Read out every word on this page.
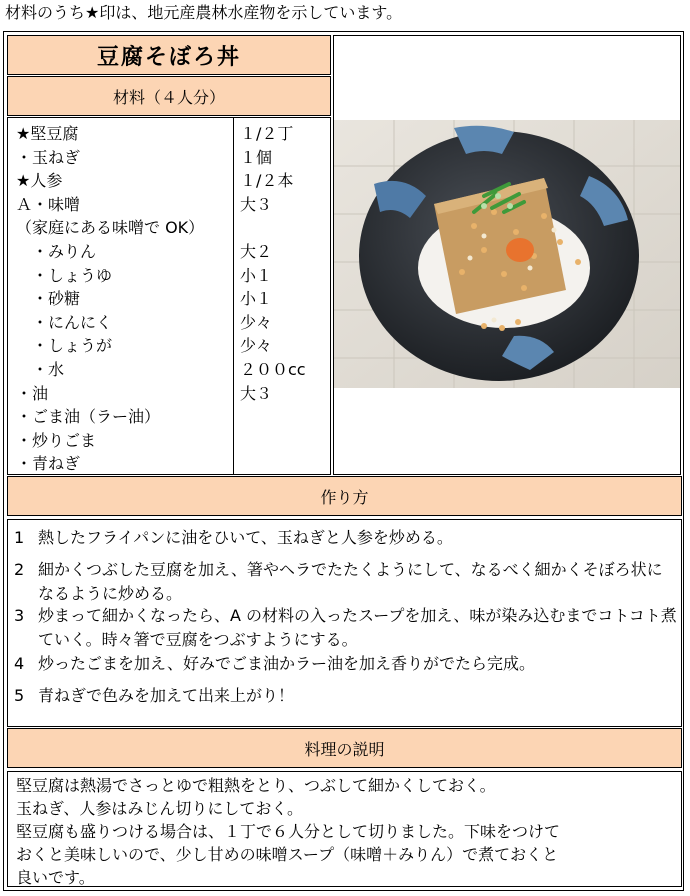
材料のうち★印は、地元産農林水産物を示しています。
豆腐そぼろ丼
材料（４人分）
★堅豆腐	１/２丁
・玉ねぎ	１個
★人参	１/２本
Ａ・味噌	大３
（家庭にある味噌で OK）
　・みりん	大２
　・しょうゆ	小１
　・砂糖	小１
　・にんにく	少々
　・しょうが	少々
　・水	２００cc
・油	大３
・ごま油（ラー油）
・炒りごま
・青ねぎ
作り方
1 熱したフライパンに油をひいて、玉ねぎと人参を炒める。
2 細かくつぶした豆腐を加え、箸やヘラでたたくようにして、なるべく細かくそぼろ状になるように炒める。
3 炒まって細かくなったら、A の材料の入ったスープを加え、味が染み込むまでコトコト煮ていく。時々箸で豆腐をつぶすようにする。
4 炒ったごまを加え、好みでごま油かラー油を加え香りがでたら完成。
5 青ねぎで色みを加えて出来上がり！
料理の説明
堅豆腐は熱湯でさっとゆで粗熱をとり、つぶして細かくしておく。
玉ねぎ、人参はみじん切りにしておく。
堅豆腐も盛りつける場合は、１丁で６人分として切りました。下味をつけて
おくと美味しいので、少し甘めの味噌スープ（味噌＋みりん）で煮ておくと
良いです。
